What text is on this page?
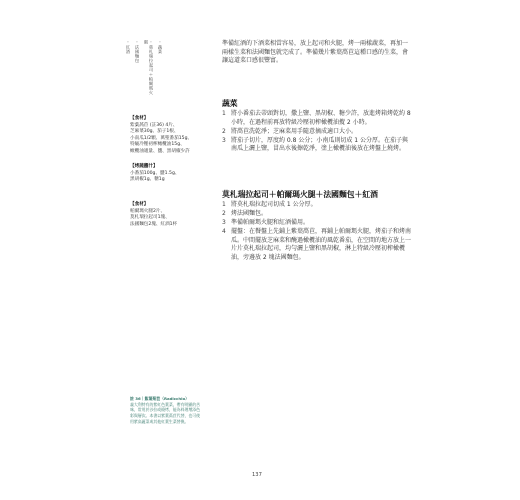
・蔬菜
・莫札瑞拉起司＋帕爾瑪火腿
・法國麵包
・紅酒
【食材】
紫葉萵苣 (註36) 4片、
芝麻菜30g、茄子1根、
小南瓜1/2顆、萬聖番茄15g、
特級冷壓初榨橄欖油15g、
橄欖油適量、鹽、黑胡椒少許
【烤蔬醬汁】
小番茄100g、鹽1.5g、
黑胡椒1g、糖1g
【食材】
帕爾瑪火腿2片、
莫札瑞拉起司1塊、
法國麵包2塊、紅酒1杯
註 36｜紫葉菊苣（Radicchio）
義大利特有的紫紅色葉菜，帶有明顯的苦味，常用於沙拉或燒烤，能為料理增添色彩與層次。本書以紫葉萵苣代替，也可使用紫高麗菜或其他紅葉生菜替換。
準備紅酒的下酒菜相當容易，放上起司和火腿，烤一兩樣蔬菜，再加一兩樣生菜和法國麵包就完成了。準備幾片紫葉萵苣這種口感的生菜，會讓這道菜口感很豐富。
蔬菜
1 將小番茄去蒂頭對切，撒上鹽、黑胡椒、糖少許，放進烤箱烤乾約 8 小時，在過程前再放特級冷壓初榨橄欖油攪 2 小時。
2 將萵苣洗乾淨；芝麻菜用手隨意摘成適口大小。
3 將茄子切片，厚度約 0.8 公分；小南瓜則切成 1 公分厚。在茄子與南瓜上灑上鹽，冒出水後擦乾淨，塗上橄欖油後放在烤盤上燒烤。
莫札瑞拉起司＋帕爾瑪火腿＋法國麵包＋紅酒
1 將莫札瑞拉起司切成 1 公分厚。
2 烤法國麵包。
3 準備帕爾瑪火腿和紅酒備用。
4 擺盤：在餐盤上先鋪上紫葉萵苣，再鋪上帕爾瑪火腿，烤茄子和烤南瓜。中間擺放芝麻菜和醃過橄欖油的風乾番茄，在空間的地方放上一片片莫札瑞拉起司，均勻灑上鹽和黑胡椒，淋上特級冷壓初榨橄欖油，旁邊放 2 塊法國麵包。
137
